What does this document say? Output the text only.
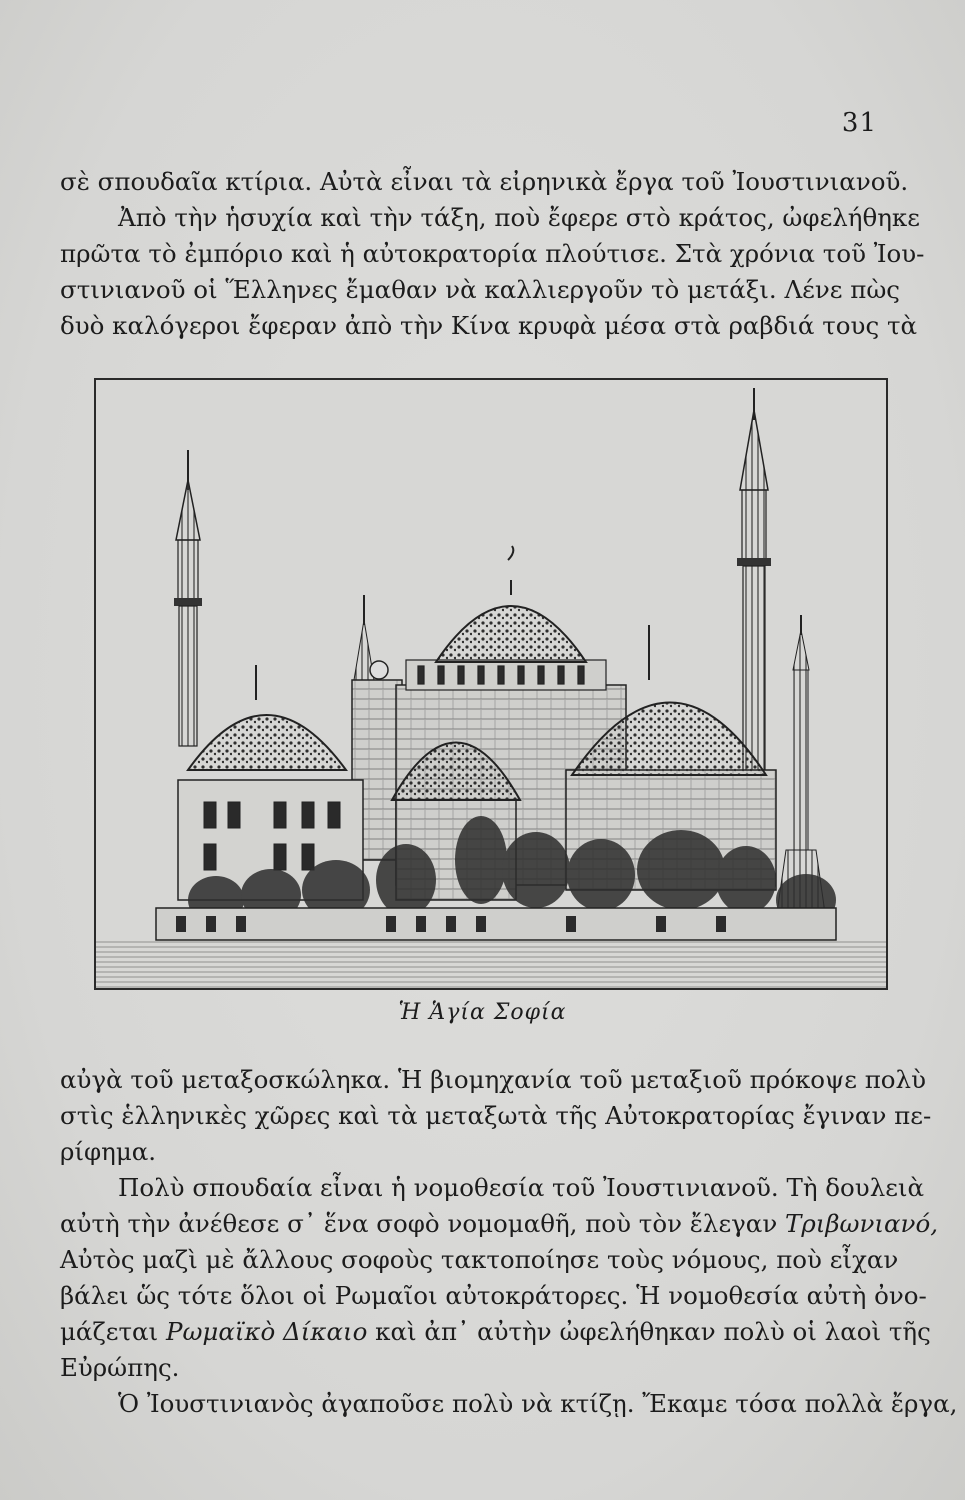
31
σὲ σπουδαῖα κτίρια. Αὐτὰ εἶναι τὰ εἰρηνικὰ ἔργα τοῦ Ἰουστινιανοῦ.
Ἀπὸ τὴν ἡσυχία καὶ τὴν τάξη, ποὺ ἔφερε στὸ κράτος, ὠφελήθηκε
πρῶτα τὸ ἐμπόριο καὶ ἡ αὐτοκρατορία πλούτισε. Στὰ χρόνια τοῦ Ἰου-
στινιανοῦ οἱ Ἕλληνες ἔμαθαν νὰ καλλιεργοῦν τὸ μετάξι. Λένε πὼς
δυὸ καλόγεροι ἔφεραν ἀπὸ τὴν Κίνα κρυφὰ μέσα στὰ ραβδιά τους τὰ
Ἡ Ἁγία Σοφία
αὐγὰ τοῦ μεταξοσκώληκα. Ἡ βιομηχανία τοῦ μεταξιοῦ πρόκοψε πολὺ
στὶς ἑλληνικὲς χῶρες καὶ τὰ μεταξωτὰ τῆς Αὐτοκρατορίας ἔγιναν πε-
ρίφημα.
Πολὺ σπουδαία εἶναι ἡ νομοθεσία τοῦ Ἰουστινιανοῦ. Τὴ δουλειὰ
αὐτὴ τὴν ἀνέθεσε σ᾽ ἕνα σοφὸ νομομαθῆ, ποὺ τὸν ἔλεγαν Τριβωνιανό,
Αὐτὸς μαζὶ μὲ ἄλλους σοφοὺς τακτοποίησε τοὺς νόμους, ποὺ εἶχαν
βάλει ὥς τότε ὅλοι οἱ Ρωμαῖοι αὐτοκράτορες. Ἡ νομοθεσία αὐτὴ ὀνο-
μάζεται Ρωμαϊκὸ Δίκαιο καὶ ἀπ᾽ αὐτὴν ὠφελήθηκαν πολὺ οἱ λαοὶ τῆς
Εὐρώπης.
Ὁ Ἰουστινιανὸς ἀγαποῦσε πολὺ νὰ κτίζῃ. Ἔκαμε τόσα πολλὰ ἔργα,
